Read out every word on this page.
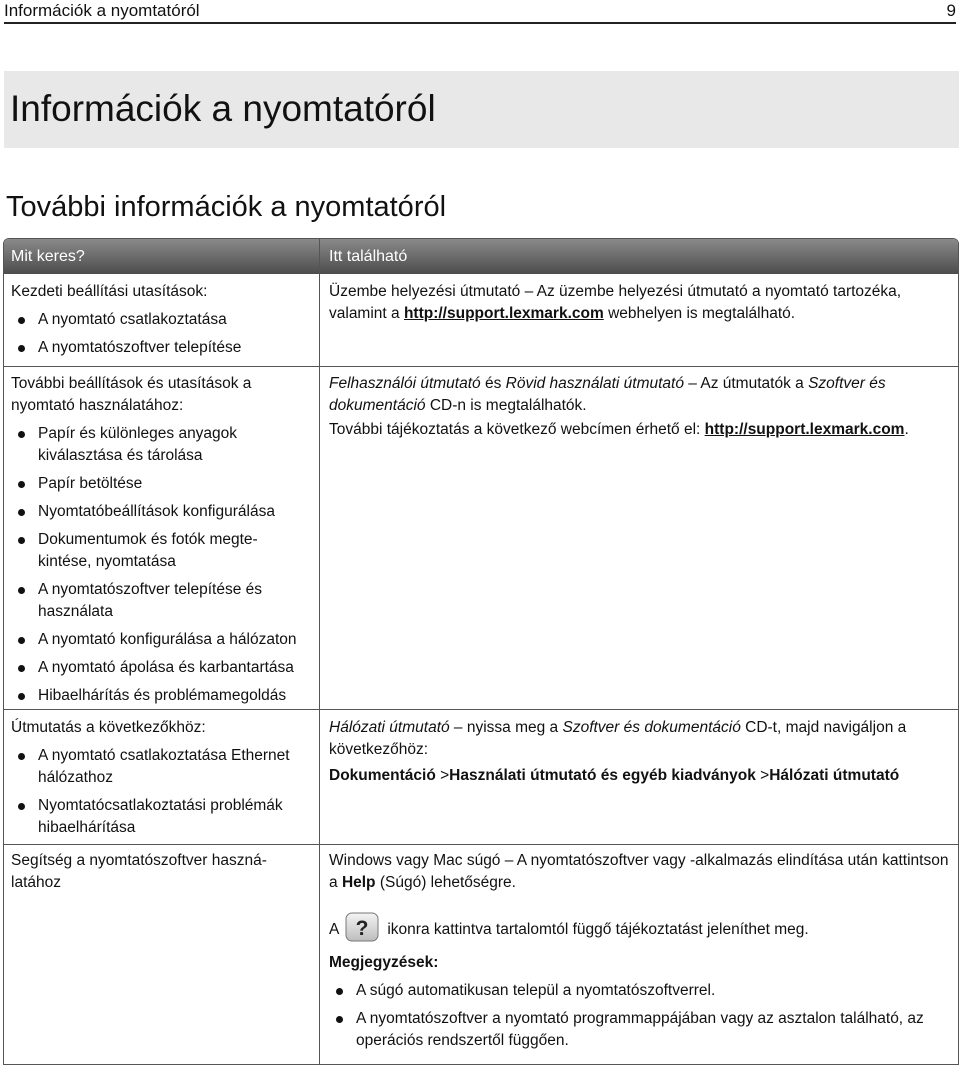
Információk a nyomtatóról	9
Információk a nyomtatóról
További információk a nyomtatóról
Mit keres?	Itt található

Kezdeti beállítási utasítások:

A nyomtató csatlakoztatása
A nyomtatószoftver telepítése

Üzembe helyezési útmutató – Az üzembe helyezési útmutató a nyomtató tartozéka, valamint a http://support.lexmark.com webhelyen is megtalálható.

További beállítások és utasítások a nyomtató használatához:

Papír és különleges anyagok kiválasztása és tárolása
Papír betöltése
Nyomtatóbeállítások konfigurálása
Dokumentumok és fotók megte-kintése, nyomtatása
A nyomtatószoftver telepítése és használata
A nyomtató konfigurálása a hálózaton
A nyomtató ápolása és karbantartása
Hibaelhárítás és problémamegoldás

Felhasználói útmutató és Rövid használati útmutató – Az útmutatók a Szoftver és dokumentáció CD-n is megtalálhatók.

További tájékoztatás a következő webcímen érhető el: http://support.lexmark.com.

Útmutatás a következőkhöz:

A nyomtató csatlakoztatása Ethernet hálózathoz
Nyomtatócsatlakoztatási problémák hibaelhárítása

Hálózati útmutató – nyissa meg a Szoftver és dokumentáció CD-t, majd navigáljon a következőhöz:

Dokumentáció >Használati útmutató és egyéb kiadványok >Hálózati útmutató

Segítség a nyomtatószoftver haszná-latához

Windows vagy Mac súgó – A nyomtatószoftver vagy -alkalmazás elindítása után kattintson a Help (Súgó) lehetőségre.

A ? ikonra kattintva tartalomtól függő tájékoztatást jeleníthet meg.

Megjegyzések:

A súgó automatikusan települ a nyomtatószoftverrel.
A nyomtatószoftver a nyomtató programmappájában vagy az asztalon található, az operációs rendszertől függően.
